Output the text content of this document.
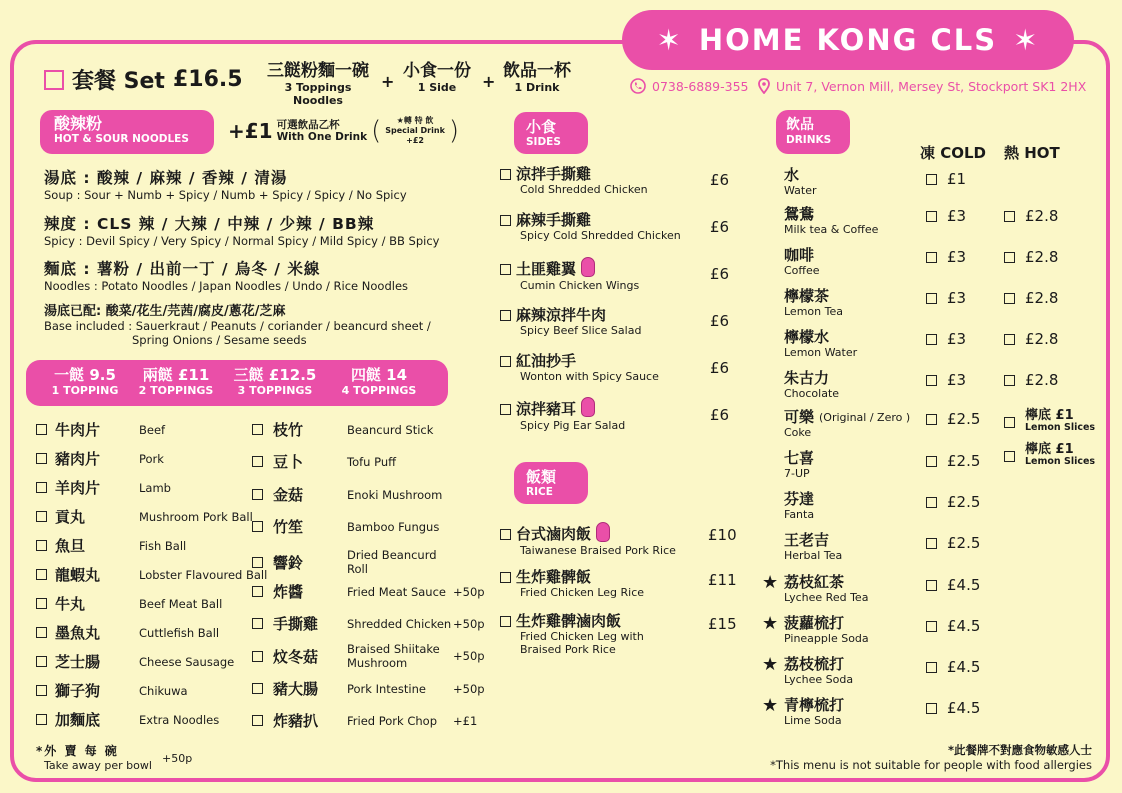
✶ HOME KONG CLS ✶
0738-6889-355 Unit 7, Vernon Mill, Mersey St, Stockport SK1 2HX
套餐 Set £16.5	三餸粉麵一碗
3 Toppings Noodles
+
小食一份
1 Side	+
飲品一杯
1 Drink
酸辣粉
HOT & SOUR NOODLES	+£1 可選飲品乙杯
With One Drink (	★轉 特 飲
Special Drink
+£2 )
湯底 : 酸辣 / 麻辣 / 香辣 / 清湯
Soup : Sour + Numb + Spicy / Numb + Spicy / Spicy / No Spicy
辣度 : CLS 辣 / 大辣 / 中辣 / 少辣 / BB辣
Spicy : Devil Spicy / Very Spicy / Normal Spicy / Mild Spicy / BB Spicy
麵底 : 薯粉 / 出前一丁 / 烏冬 / 米線
Noodles : Potato Noodles / Japan Noodles / Undo / Rice Noodles
湯底已配: 酸菜/花生/芫茜/腐皮/蔥花/芝麻
Base included : Sauerkraut / Peanuts / coriander / beancurd sheet /
Spring Onions / Sesame seeds
一餸 9.5
1 TOPPING
兩餸 £11
2 TOPPINGS
三餸 £12.5
3 TOPPINGS
四餸 14
4 TOPPINGS
牛肉片	Beef
豬肉片	Pork
羊肉片	Lamb
貢丸	Mushroom Pork Ball
魚旦	Fish Ball
龍蝦丸	Lobster Flavoured Ball
牛丸	Beef Meat Ball
墨魚丸	Cuttlefish Ball
芝士腸	Cheese Sausage
獅子狗	Chikuwa
加麵底	Extra Noodles
枝竹	Beancurd Stick
豆卜	Tofu Puff
金菇	Enoki Mushroom
竹笙	Bamboo Fungus
響鈴	Dried Beancurd Roll
炸醬	Fried Meat Sauce +50p
手撕雞	Shredded Chicken +50p
炆冬菇	Braised Shiitake Mushroom	+50p
豬大腸	Pork Intestine	+50p
炸豬扒	Fried Pork Chop	+£1
*外 賣 每 碗
Take away per bowl
+50p
小食
SIDES
涼拌手撕雞
Cold Shredded Chicken
£6
麻辣手撕雞
Spicy Cold Shredded Chicken £6
土匪雞翼
Cumin Chicken Wings
£6
麻辣涼拌牛肉
Spicy Beef Slice Salad
£6
紅油抄手
Wonton with Spicy Sauce	£6
涼拌豬耳
Spicy Pig Ear Salad
£6
飯類
RICE
台式滷肉飯
Taiwanese Braised Pork Rice
£10
生炸雞髀飯
Fried Chicken Leg Rice
£11
生炸雞髀滷肉飯
Fried Chicken Leg with
Braised Pork Rice
£15
飲品
DRINKS
凍 COLD 熱 HOT
水
Water
£1
鴛鴦
Milk tea & Coffee
£3	£2.8
咖啡
Coffee
£3	£2.8
檸檬茶
Lemon Tea
£3	£2.8
檸檬水
Lemon Water
£3	£2.8
朱古力
Chocolate
£3	£2.8
可樂 (Original / Zero )
Coke
£2.5	檸底 £1
Lemon Slices
七喜
7-UP
£2.5
檸底 £1
Lemon Slices
芬達
Fanta
£2.5
王老吉
Herbal Tea
£2.5
★ 荔枝紅茶
Lychee Red Tea
£4.5
★ 菠蘿梳打
Pineapple Soda
£4.5
★ 荔枝梳打
Lychee Soda
£4.5
★ 青檸梳打
Lime Soda
£4.5
*此餐牌不對應食物敏感人士
*This menu is not suitable for people with food allergies
